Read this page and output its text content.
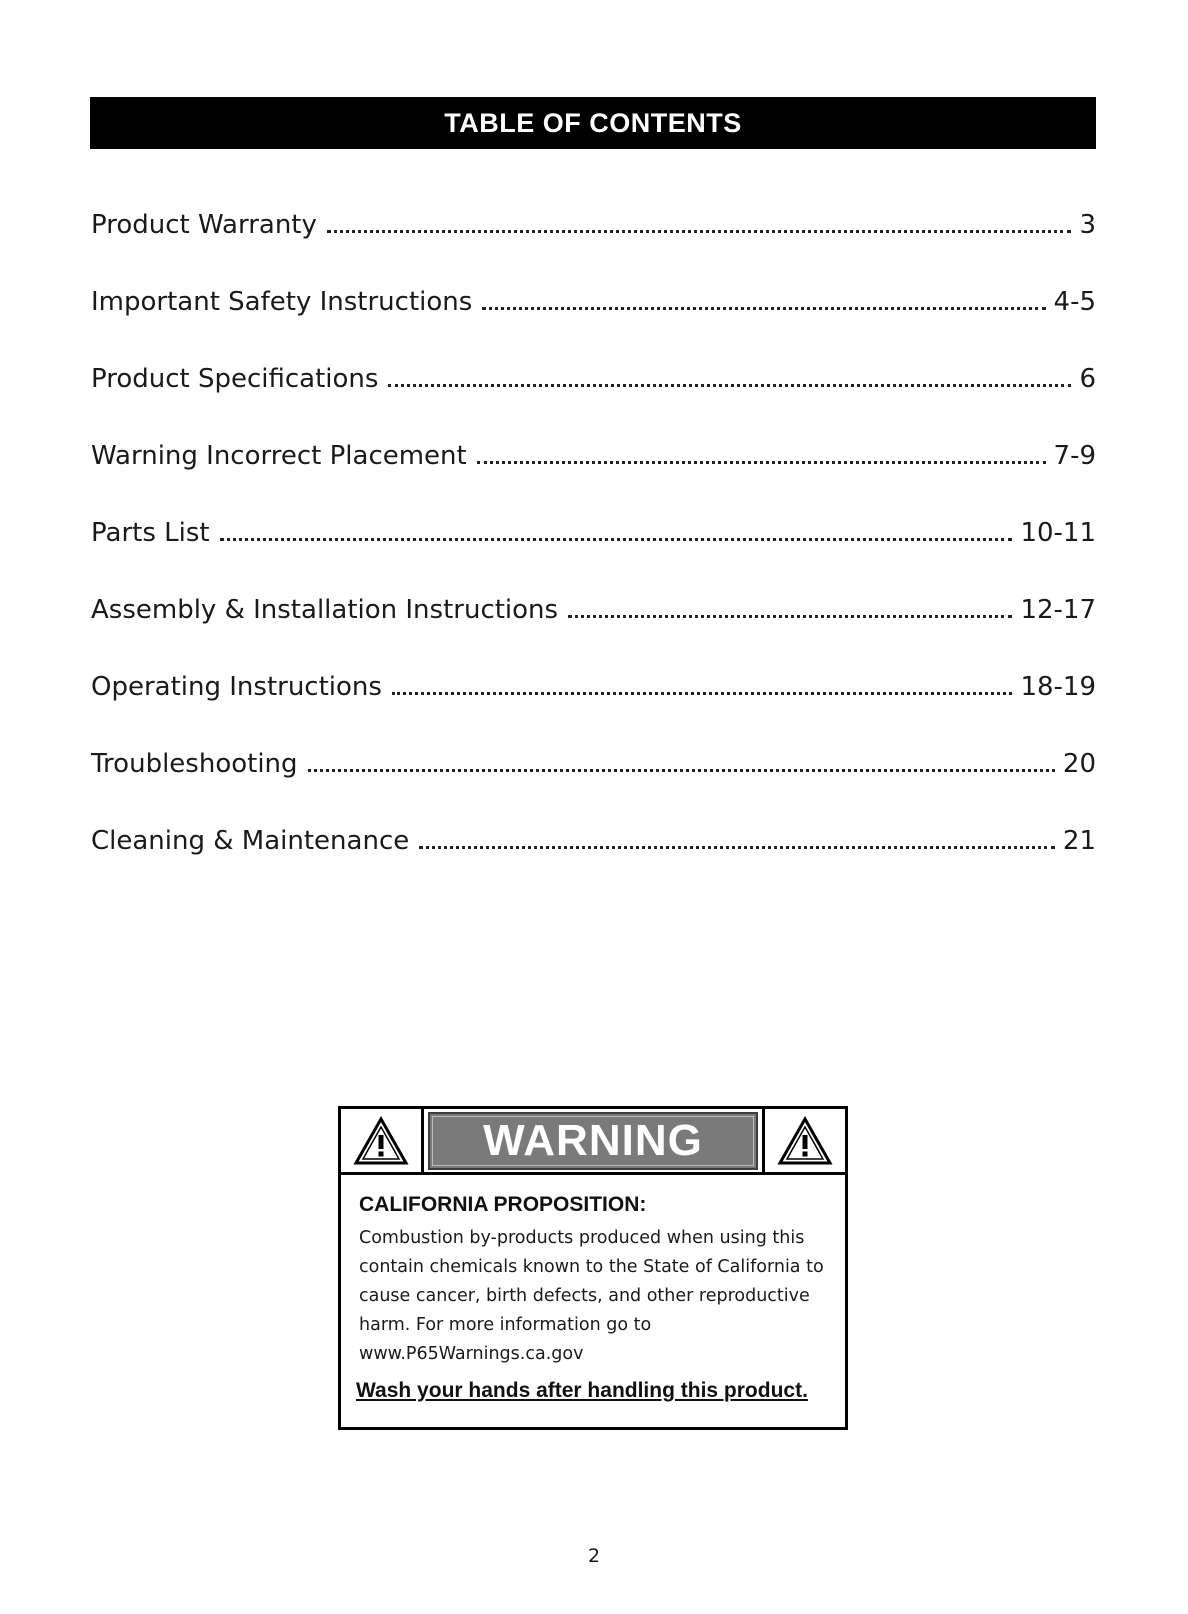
TABLE OF CONTENTS
Product Warranty	3
Important Safety Instructions	4-5
Product Specifications	6
Warning Incorrect Placement	7-9
Parts List	10-11
Assembly & Installation Instructions	12-17
Operating Instructions	18-19
Troubleshooting	20
Cleaning & Maintenance	21
WARNING
CALIFORNIA PROPOSITION:
Combustion by-products produced when using this
contain chemicals known to the State of California to
cause cancer, birth defects, and other reproductive
harm. For more information go to
www.P65Warnings.ca.gov
Wash your hands after handling this product.
2
